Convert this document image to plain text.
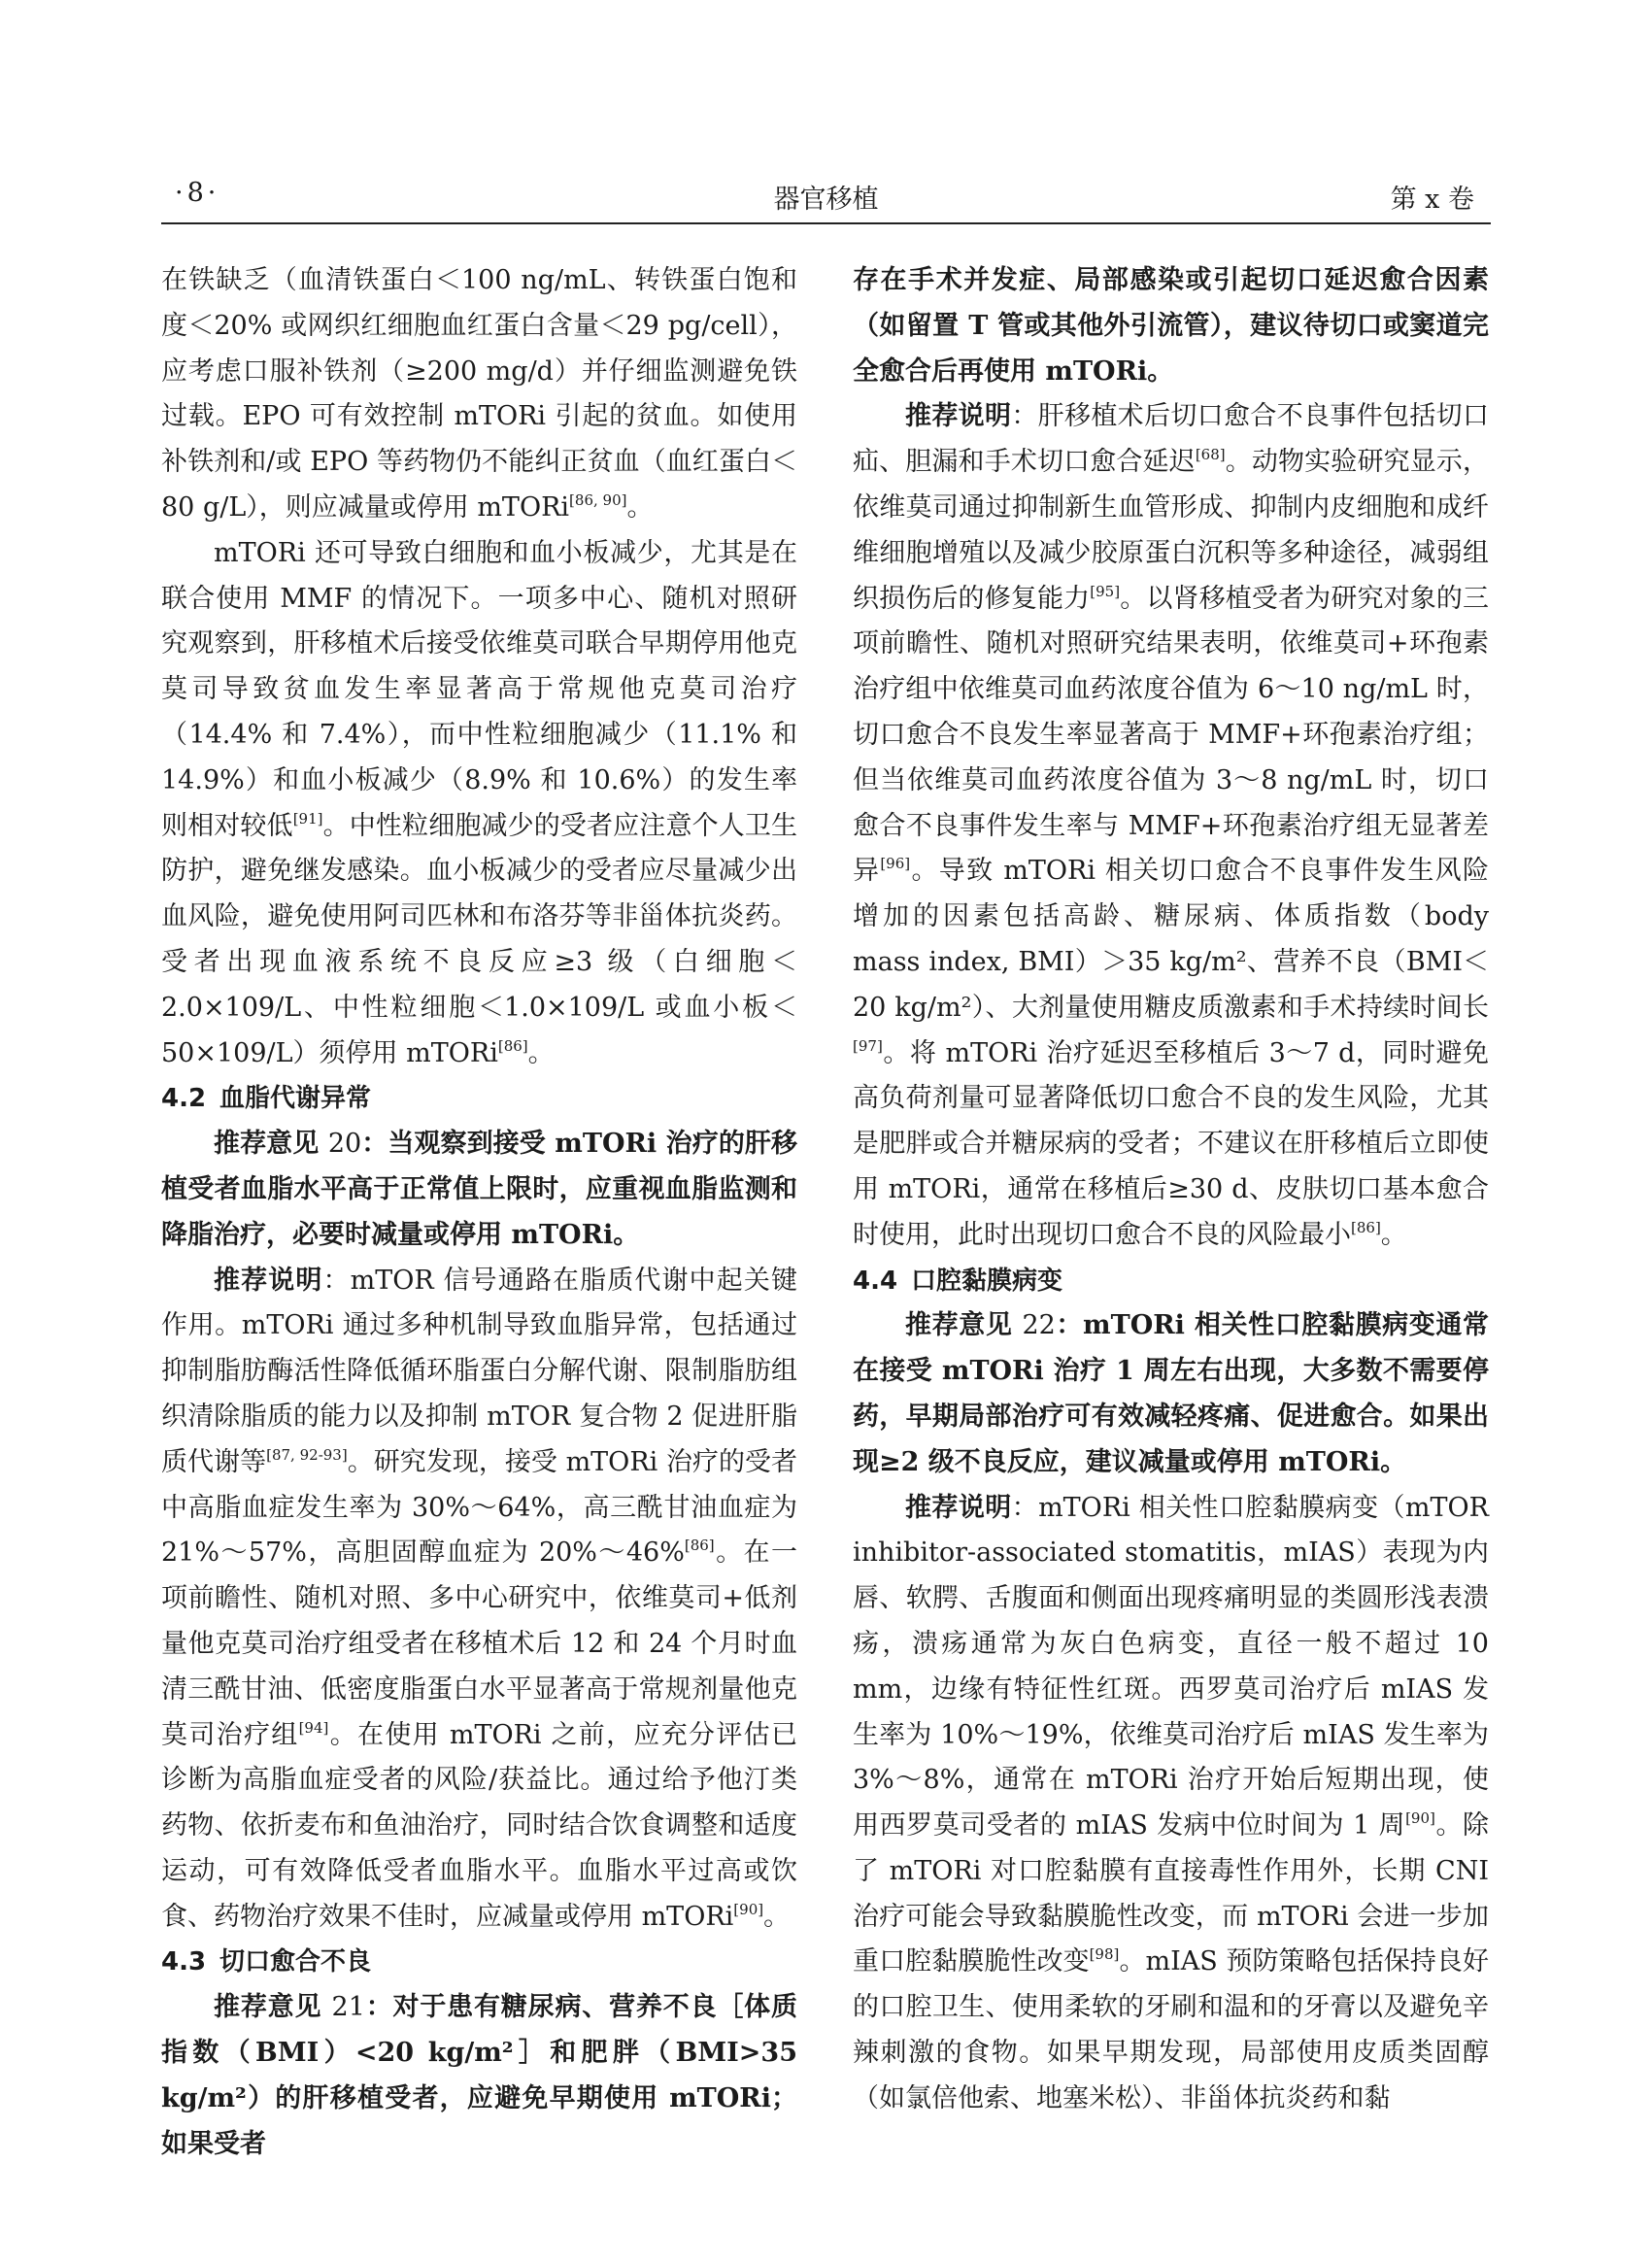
·8·	器官移植	第 x 卷

在铁缺乏（血清铁蛋白＜100 ng/mL、转铁蛋白饱和度＜20% 或网织红细胞血红蛋白含量＜29 pg/cell），应考虑口服补铁剂（≥200 mg/d）并仔细监测避免铁过载。EPO 可有效控制 mTORi 引起的贫血。如使用补铁剂和/或 EPO 等药物仍不能纠正贫血（血红蛋白＜80 g/L），则应减量或停用 mTORi[86, 90]。

mTORi 还可导致白细胞和血小板减少，尤其是在联合使用 MMF 的情况下。一项多中心、随机对照研究观察到，肝移植术后接受依维莫司联合早期停用他克莫司导致贫血发生率显著高于常规他克莫司治疗（14.4% 和 7.4%），而中性粒细胞减少（11.1% 和 14.9%）和血小板减少（8.9% 和 10.6%）的发生率则相对较低[91]。中性粒细胞减少的受者应注意个人卫生防护，避免继发感染。血小板减少的受者应尽量减少出血风险，避免使用阿司匹林和布洛芬等非甾体抗炎药。受者出现血液系统不良反应≥3 级（白细胞＜2.0×109/L、中性粒细胞＜1.0×109/L 或血小板＜50×109/L）须停用 mTORi[86]。

4.2 血脂代谢异常

推荐意见 20：当观察到接受 mTORi 治疗的肝移植受者血脂水平高于正常值上限时，应重视血脂监测和降脂治疗，必要时减量或停用 mTORi。

推荐说明：mTOR 信号通路在脂质代谢中起关键作用。mTORi 通过多种机制导致血脂异常，包括通过抑制脂肪酶活性降低循环脂蛋白分解代谢、限制脂肪组织清除脂质的能力以及抑制 mTOR 复合物 2 促进肝脂质代谢等[87, 92-93]。研究发现，接受 mTORi 治疗的受者中高脂血症发生率为 30%～64%，高三酰甘油血症为 21%～57%，高胆固醇血症为 20%～46%[86]。在一项前瞻性、随机对照、多中心研究中，依维莫司+低剂量他克莫司治疗组受者在移植术后 12 和 24 个月时血清三酰甘油、低密度脂蛋白水平显著高于常规剂量他克莫司治疗组[94]。在使用 mTORi 之前，应充分评估已诊断为高脂血症受者的风险/获益比。通过给予他汀类药物、依折麦布和鱼油治疗，同时结合饮食调整和适度运动，可有效降低受者血脂水平。血脂水平过高或饮食、药物治疗效果不佳时，应减量或停用 mTORi[90]。

4.3 切口愈合不良

推荐意见 21：对于患有糖尿病、营养不良［体质指数（BMI）<20 kg/m²］和肥胖（BMI>35 kg/m²）的肝移植受者，应避免早期使用 mTORi；如果受者

存在手术并发症、局部感染或引起切口延迟愈合因素（如留置 T 管或其他外引流管），建议待切口或窦道完全愈合后再使用 mTORi。

推荐说明：肝移植术后切口愈合不良事件包括切口疝、胆漏和手术切口愈合延迟[68]。动物实验研究显示，依维莫司通过抑制新生血管形成、抑制内皮细胞和成纤维细胞增殖以及减少胶原蛋白沉积等多种途径，减弱组织损伤后的修复能力[95]。以肾移植受者为研究对象的三项前瞻性、随机对照研究结果表明，依维莫司+环孢素治疗组中依维莫司血药浓度谷值为 6～10 ng/mL 时，切口愈合不良发生率显著高于 MMF+环孢素治疗组；但当依维莫司血药浓度谷值为 3～8 ng/mL 时，切口愈合不良事件发生率与 MMF+环孢素治疗组无显著差异[96]。导致 mTORi 相关切口愈合不良事件发生风险增加的因素包括高龄、糖尿病、体质指数（body mass index, BMI）＞35 kg/m²、营养不良（BMI＜20 kg/m²）、大剂量使用糖皮质激素和手术持续时间长[97]。将 mTORi 治疗延迟至移植后 3～7 d，同时避免高负荷剂量可显著降低切口愈合不良的发生风险，尤其是肥胖或合并糖尿病的受者；不建议在肝移植后立即使用 mTORi，通常在移植后≥30 d、皮肤切口基本愈合时使用，此时出现切口愈合不良的风险最小[86]。

4.4 口腔黏膜病变

推荐意见 22：mTORi 相关性口腔黏膜病变通常在接受 mTORi 治疗 1 周左右出现，大多数不需要停药，早期局部治疗可有效减轻疼痛、促进愈合。如果出现≥2 级不良反应，建议减量或停用 mTORi。

推荐说明：mTORi 相关性口腔黏膜病变（mTOR inhibitor-associated stomatitis，mIAS）表现为内唇、软腭、舌腹面和侧面出现疼痛明显的类圆形浅表溃疡，溃疡通常为灰白色病变，直径一般不超过 10 mm，边缘有特征性红斑。西罗莫司治疗后 mIAS 发生率为 10%～19%，依维莫司治疗后 mIAS 发生率为 3%～8%，通常在 mTORi 治疗开始后短期出现，使用西罗莫司受者的 mIAS 发病中位时间为 1 周[90]。除了 mTORi 对口腔黏膜有直接毒性作用外，长期 CNI 治疗可能会导致黏膜脆性改变，而 mTORi 会进一步加重口腔黏膜脆性改变[98]。mIAS 预防策略包括保持良好的口腔卫生、使用柔软的牙刷和温和的牙膏以及避免辛辣刺激的食物。如果早期发现，局部使用皮质类固醇（如氯倍他索、地塞米松）、非甾体抗炎药和黏
